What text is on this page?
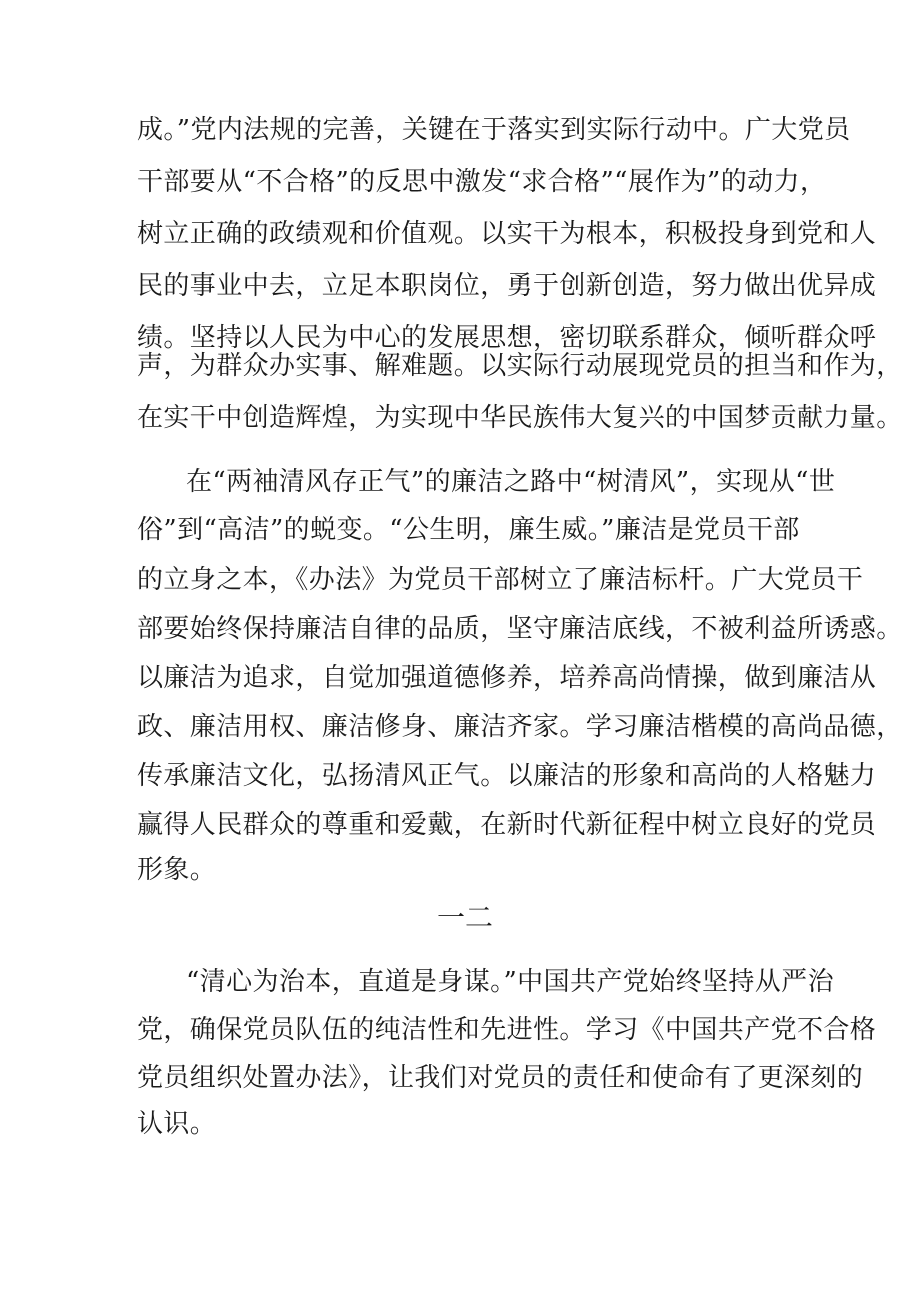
成。”党内法规的完善，关键在于落实到实际行动中。广大党员
干部要从“不合格”的反思中激发“求合格”“展作为”的动力，
树立正确的政绩观和价值观。以实干为根本，积极投身到党和人
民的事业中去，立足本职岗位，勇于创新创造，努力做出优异成
绩。坚持以人民为中心的发展思想，密切联系群众，倾听群众呼
声，为群众办实事、解难题。以实际行动展现党员的担当和作为，
在实干中创造辉煌，为实现中华民族伟大复兴的中国梦贡献力量。
在“两袖清风存正气”的廉洁之路中“树清风”，实现从“世
俗”到“高洁”的蜕变。“公生明，廉生威。”廉洁是党员干部
的立身之本，《办法》为党员干部树立了廉洁标杆。广大党员干
部要始终保持廉洁自律的品质，坚守廉洁底线，不被利益所诱惑。
以廉洁为追求，自觉加强道德修养，培养高尚情操，做到廉洁从
政、廉洁用权、廉洁修身、廉洁齐家。学习廉洁楷模的高尚品德，
传承廉洁文化，弘扬清风正气。以廉洁的形象和高尚的人格魅力
赢得人民群众的尊重和爱戴，在新时代新征程中树立良好的党员
形象。
一二
“清心为治本，直道是身谋。”中国共产党始终坚持从严治
党，确保党员队伍的纯洁性和先进性。学习《中国共产党不合格
党员组织处置办法》，让我们对党员的责任和使命有了更深刻的
认识。
